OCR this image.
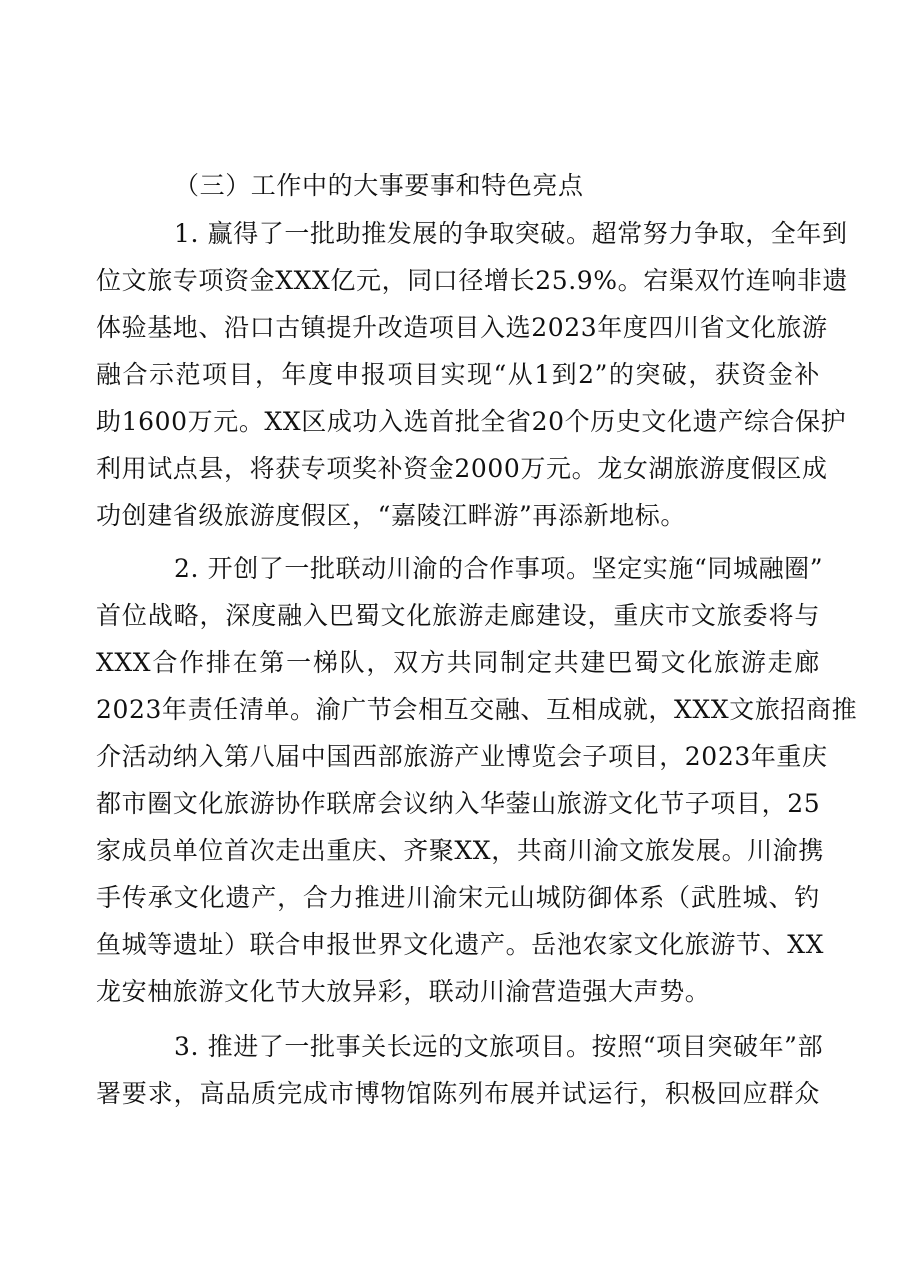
（三）工作中的大事要事和特色亮点
1. 赢得了一批助推发展的争取突破。超常努力争取，全年到
位文旅专项资金XXX亿元，同口径增长25.9%。宕渠双竹连响非遗
体验基地、沿口古镇提升改造项目入选2023年度四川省文化旅游
融合示范项目，年度申报项目实现“从1到2”的突破，获资金补
助1600万元。XX区成功入选首批全省20个历史文化遗产综合保护
利用试点县，将获专项奖补资金2000万元。龙女湖旅游度假区成
功创建省级旅游度假区，“嘉陵江畔游”再添新地标。
2. 开创了一批联动川渝的合作事项。坚定实施“同城融圈”
首位战略，深度融入巴蜀文化旅游走廊建设，重庆市文旅委将与
XXX合作排在第一梯队，双方共同制定共建巴蜀文化旅游走廊
2023年责任清单。渝广节会相互交融、互相成就，XXX文旅招商推
介活动纳入第八届中国西部旅游产业博览会子项目，2023年重庆
都市圈文化旅游协作联席会议纳入华蓥山旅游文化节子项目，25
家成员单位首次走出重庆、齐聚XX，共商川渝文旅发展。川渝携
手传承文化遗产，合力推进川渝宋元山城防御体系（武胜城、钓
鱼城等遗址）联合申报世界文化遗产。岳池农家文化旅游节、XX
龙安柚旅游文化节大放异彩，联动川渝营造强大声势。
3. 推进了一批事关长远的文旅项目。按照“项目突破年”部
署要求，高品质完成市博物馆陈列布展并试运行，积极回应群众
